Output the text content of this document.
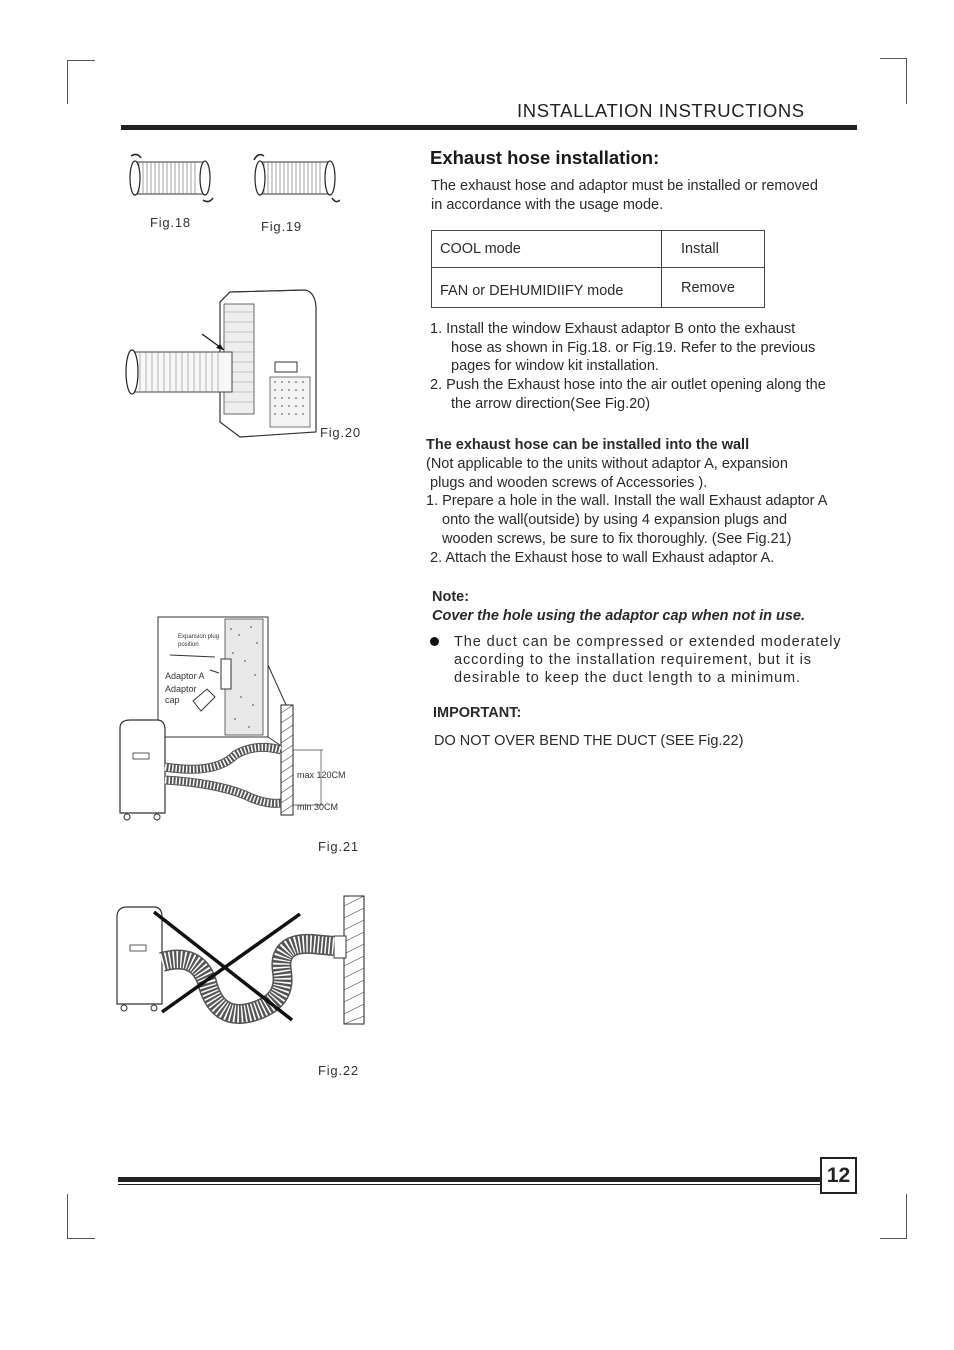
INSTALLATION INSTRUCTIONS
Fig.18	Fig.19
Fig.20
Expansion plug
position
Adaptor A
Adaptor
cap
max 120CM
min 30CM
Fig.21
Fig.22
Exhaust hose installation:
The exhaust hose and adaptor must be installed or removed
in accordance with the usage mode.
COOL mode	Install
FAN or DEHUMIDIIFY mode	Remove
1. Install the window Exhaust adaptor B onto the exhaust
hose as shown in Fig.18. or Fig.19. Refer to the previous
pages for window kit installation.
2. Push the Exhaust hose into the air outlet opening along the
the arrow direction(See Fig.20)
The exhaust hose can be installed into the wall
(Not applicable to the units without adaptor A, expansion
plugs and wooden screws of Accessories ).
1. Prepare a hole in the wall. Install the wall Exhaust adaptor A
onto the wall(outside) by using 4 expansion plugs and
wooden screws, be sure to fix thoroughly. (See Fig.21)
2. Attach the Exhaust hose to wall Exhaust adaptor A.
Note:
Cover the hole using the adaptor cap when not in use.
The duct can be compressed or extended moderately
according to the installation requirement, but it is
desirable to keep the duct length to a minimum.
IMPORTANT:
DO NOT OVER BEND THE DUCT (SEE Fig.22)
12
